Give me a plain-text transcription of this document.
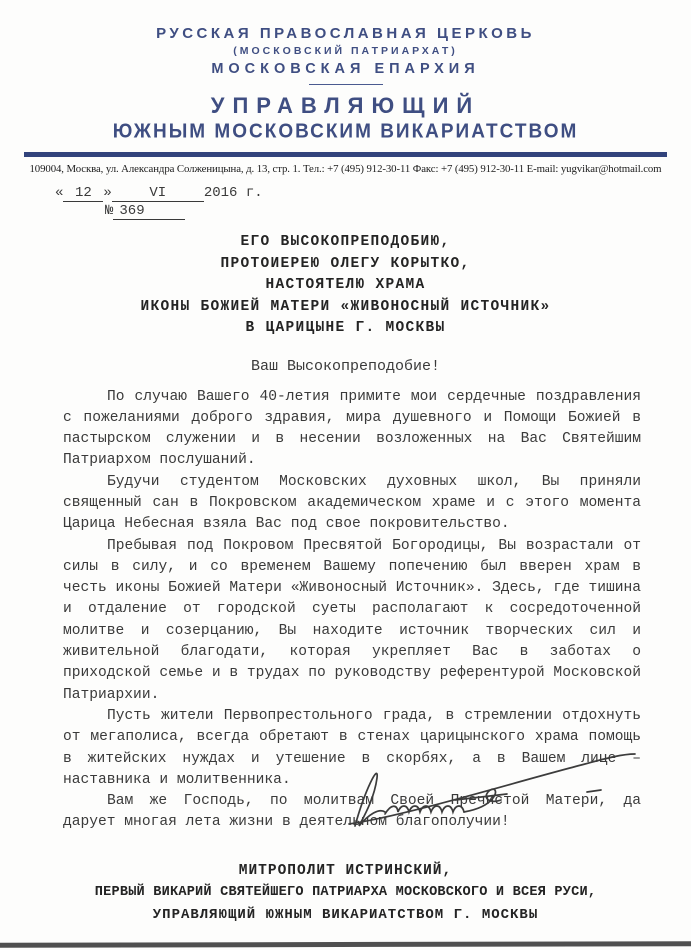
РУССКАЯ ПРАВОСЛАВНАЯ ЦЕРКОВЬ
(МОСКОВСКИЙ ПАТРИАРХАТ)
МОСКОВСКАЯ ЕПАРХИЯ
УПРАВЛЯЮЩИЙ
ЮЖНЫМ МОСКОВСКИМ ВИКАРИАТСТВОМ
109004, Москва, ул. Александра Солженицына, д. 13, стр. 1. Тел.: +7 (495) 912-30-11 Факс: +7 (495) 912-30-11 E-mail: yugvikar@hotmail.com
« 12 »	VI	2016 г.
№ 369
ЕГО ВЫСОКОПРЕПОДОБИЮ,
ПРОТОИЕРЕЮ ОЛЕГУ КОРЫТКО,
НАСТОЯТЕЛЮ ХРАМА
ИКОНЫ БОЖИЕЙ МАТЕРИ «ЖИВОНОСНЫЙ ИСТОЧНИК»
В ЦАРИЦЫНЕ Г. МОСКВЫ
Ваш Высокопреподобие!

По случаю Вашего 40-летия примите мои сердечные поздравления с пожеланиями доброго здравия, мира душевного и Помощи Божией в пастырском служении и в несении возложенных на Вас Святейшим Патриархом послушаний.

Будучи студентом Московских духовных школ, Вы приняли священный сан в Покровском академическом храме и с этого момента Царица Небесная взяла Вас под свое покровительство.

Пребывая под Покровом Пресвятой Богородицы, Вы возрастали от силы в силу, и со временем Вашему попечению был вверен храм в честь иконы Божией Матери «Живоносный Источник». Здесь, где тишина и отдаление от городской суеты располагают к сосредоточенной молитве и созерцанию, Вы находите источник творческих сил и живительной благодати, которая укрепляет Вас в заботах о приходской семье и в трудах по руководству референтурой Московской Патриархии.

Пусть жители Первопрестольного града, в стремлении отдохнуть от мегаполиса, всегда обретают в стенах царицынского храма помощь в житейских нуждах и утешение в скорбях, а в Вашем лице – наставника и молитвенника.

Вам же Господь, по молитвам Своей Пречистой Матери, да дарует многая лета жизни в деятельном благополучии!

МИТРОПОЛИТ ИСТРИНСКИЙ,
ПЕРВЫЙ ВИКАРИЙ СВЯТЕЙШЕГО ПАТРИАРХА МОСКОВСКОГО И ВСЕЯ РУСИ,
УПРАВЛЯЮЩИЙ ЮЖНЫМ ВИКАРИАТСТВОМ Г. МОСКВЫ
